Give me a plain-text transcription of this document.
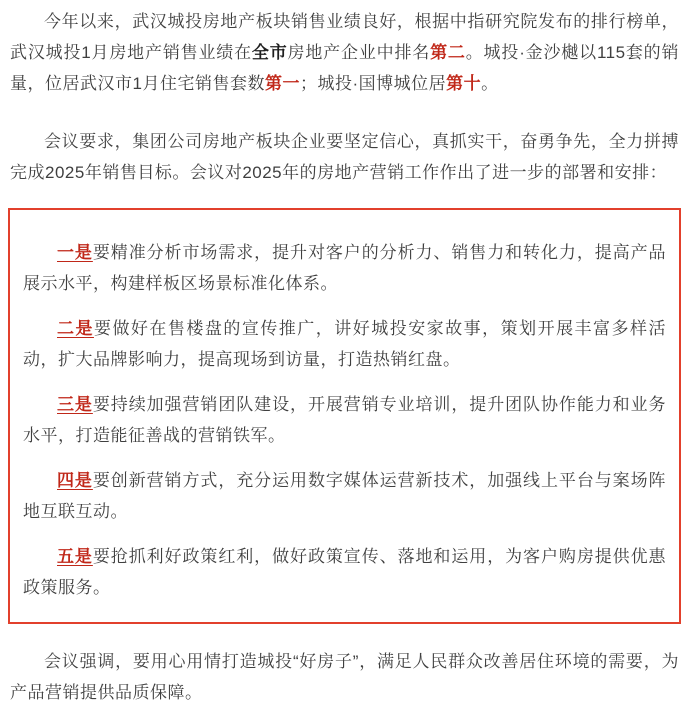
今年以来，武汉城投房地产板块销售业绩良好，根据中指研究院发布的排行榜单，武汉城投1月房地产销售业绩在全市房地产企业中排名第二。城投·金沙樾以115套的销量，位居武汉市1月住宅销售套数第一；城投·国博城位居第十。

会议要求，集团公司房地产板块企业要坚定信心，真抓实干，奋勇争先，全力拼搏完成2025年销售目标。会议对2025年的房地产营销工作作出了进一步的部署和安排：

一是要精准分析市场需求，提升对客户的分析力、销售力和转化力，提高产品展示水平，构建样板区场景标准化体系。

二是要做好在售楼盘的宣传推广，讲好城投安家故事，策划开展丰富多样活动，扩大品牌影响力，提高现场到访量，打造热销红盘。

三是要持续加强营销团队建设，开展营销专业培训，提升团队协作能力和业务水平，打造能征善战的营销铁军。

四是要创新营销方式，充分运用数字媒体运营新技术，加强线上平台与案场阵地互联互动。

五是要抢抓利好政策红利，做好政策宣传、落地和运用，为客户购房提供优惠政策服务。

会议强调，要用心用情打造城投“好房子”，满足人民群众改善居住环境的需要，为产品营销提供品质保障。
